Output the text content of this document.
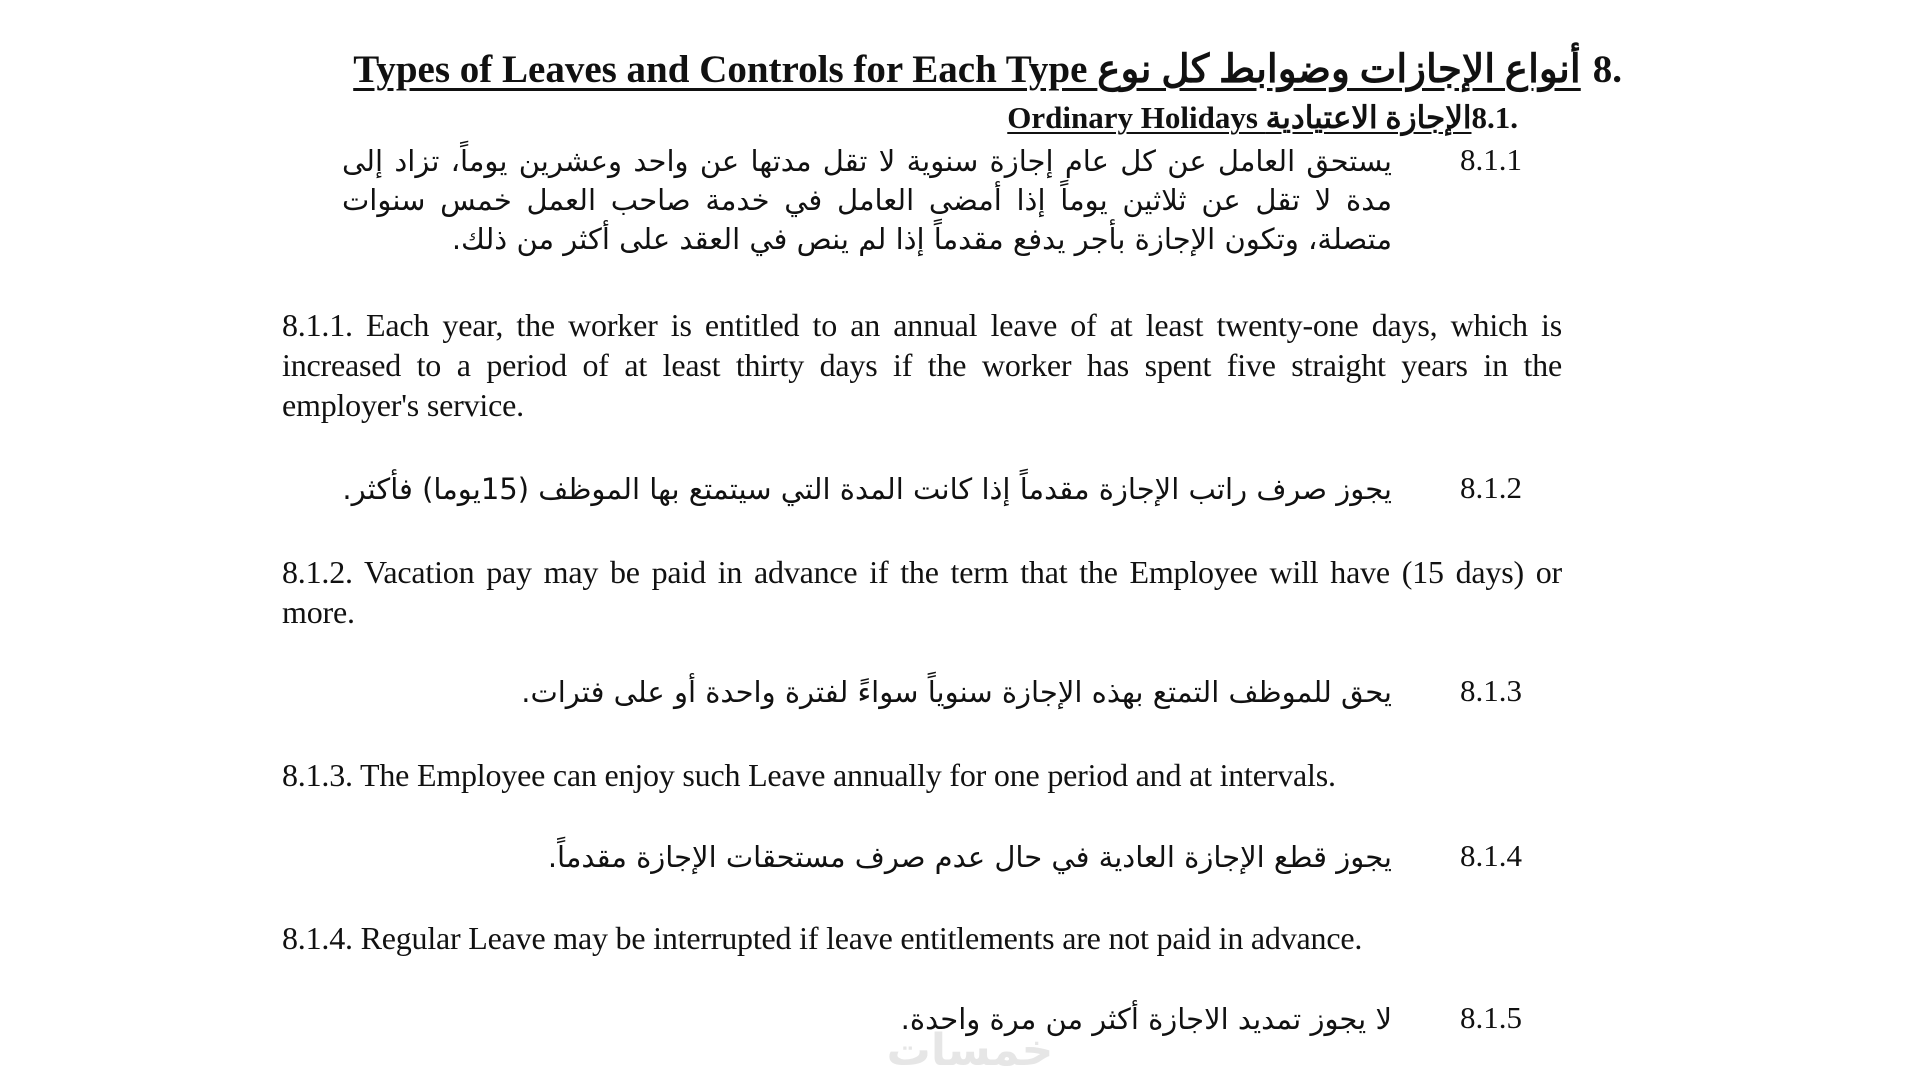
Types of Leaves and Controls for Each Type أنواع الإجازات وضوابط كل نوع 8.
Ordinary Holidays الإجازة الاعتيادية 8.1.
8.1.1
يستحق العامل عن كل عام إجازة سنوية لا تقل مدتها عن واحد وعشرين يوماً، تزاد إلى مدة لا تقل عن ثلاثين يوماً إذا أمضى العامل في خدمة صاحب العمل خمس سنوات متصلة، وتكون الإجازة بأجر يدفع مقدماً إذا لم ينص في العقد على أكثر من ذلك.
8.1.1. Each year, the worker is entitled to an annual leave of at least twenty-one days, which is increased to a period of at least thirty days if the worker has spent five straight years in the employer's service.
8.1.2
يجوز صرف راتب الإجازة مقدماً إذا كانت المدة التي سيتمتع بها الموظف (15يوما) فأكثر.
8.1.2. Vacation pay may be paid in advance if the term that the Employee will have (15 days) or more.
8.1.3
يحق للموظف التمتع بهذه الإجازة سنوياً سواءً لفترة واحدة أو على فترات.
8.1.3. The Employee can enjoy such Leave annually for one period and at intervals.
8.1.4
يجوز قطع الإجازة العادية في حال عدم صرف مستحقات الإجازة مقدماً.
8.1.4. Regular Leave may be interrupted if leave entitlements are not paid in advance.
8.1.5
لا يجوز تمديد الاجازة أكثر من مرة واحدة.
خمسات
